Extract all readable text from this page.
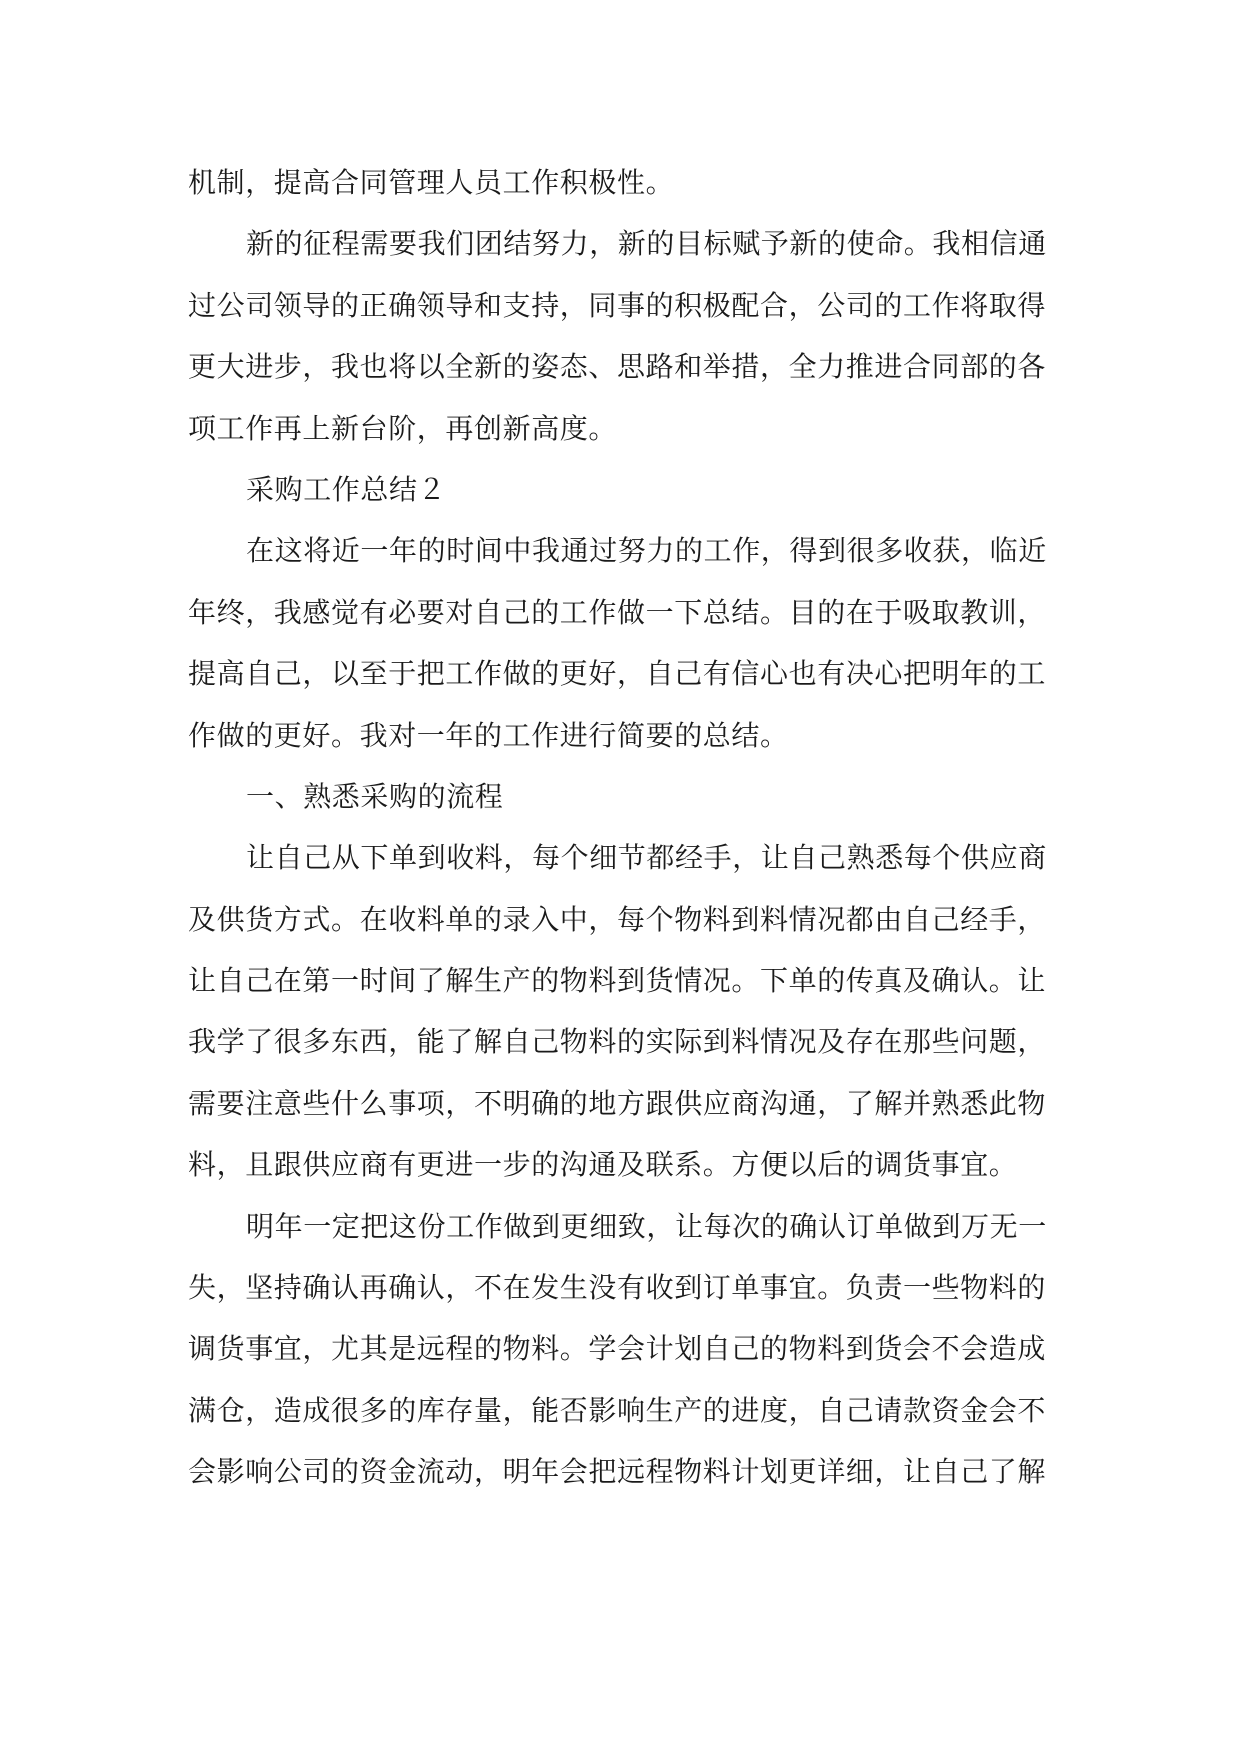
机制，提高合同管理人员工作积极性。
新的征程需要我们团结努力，新的目标赋予新的使命。我相信通
过公司领导的正确领导和支持，同事的积极配合，公司的工作将取得
更大进步，我也将以全新的姿态、思路和举措，全力推进合同部的各
项工作再上新台阶，再创新高度。
采购工作总结２
在这将近一年的时间中我通过努力的工作，得到很多收获，临近
年终，我感觉有必要对自己的工作做一下总结。目的在于吸取教训，
提高自己，以至于把工作做的更好，自己有信心也有决心把明年的工
作做的更好。我对一年的工作进行简要的总结。
一、熟悉采购的流程
让自己从下单到收料，每个细节都经手，让自己熟悉每个供应商
及供货方式。在收料单的录入中，每个物料到料情况都由自己经手，
让自己在第一时间了解生产的物料到货情况。下单的传真及确认。让
我学了很多东西，能了解自己物料的实际到料情况及存在那些问题，
需要注意些什么事项，不明确的地方跟供应商沟通，了解并熟悉此物
料，且跟供应商有更进一步的沟通及联系。方便以后的调货事宜。
明年一定把这份工作做到更细致，让每次的确认订单做到万无一
失，坚持确认再确认，不在发生没有收到订单事宜。负责一些物料的
调货事宜，尤其是远程的物料。学会计划自己的物料到货会不会造成
满仓，造成很多的库存量，能否影响生产的进度，自己请款资金会不
会影响公司的资金流动，明年会把远程物料计划更详细，让自己了解
